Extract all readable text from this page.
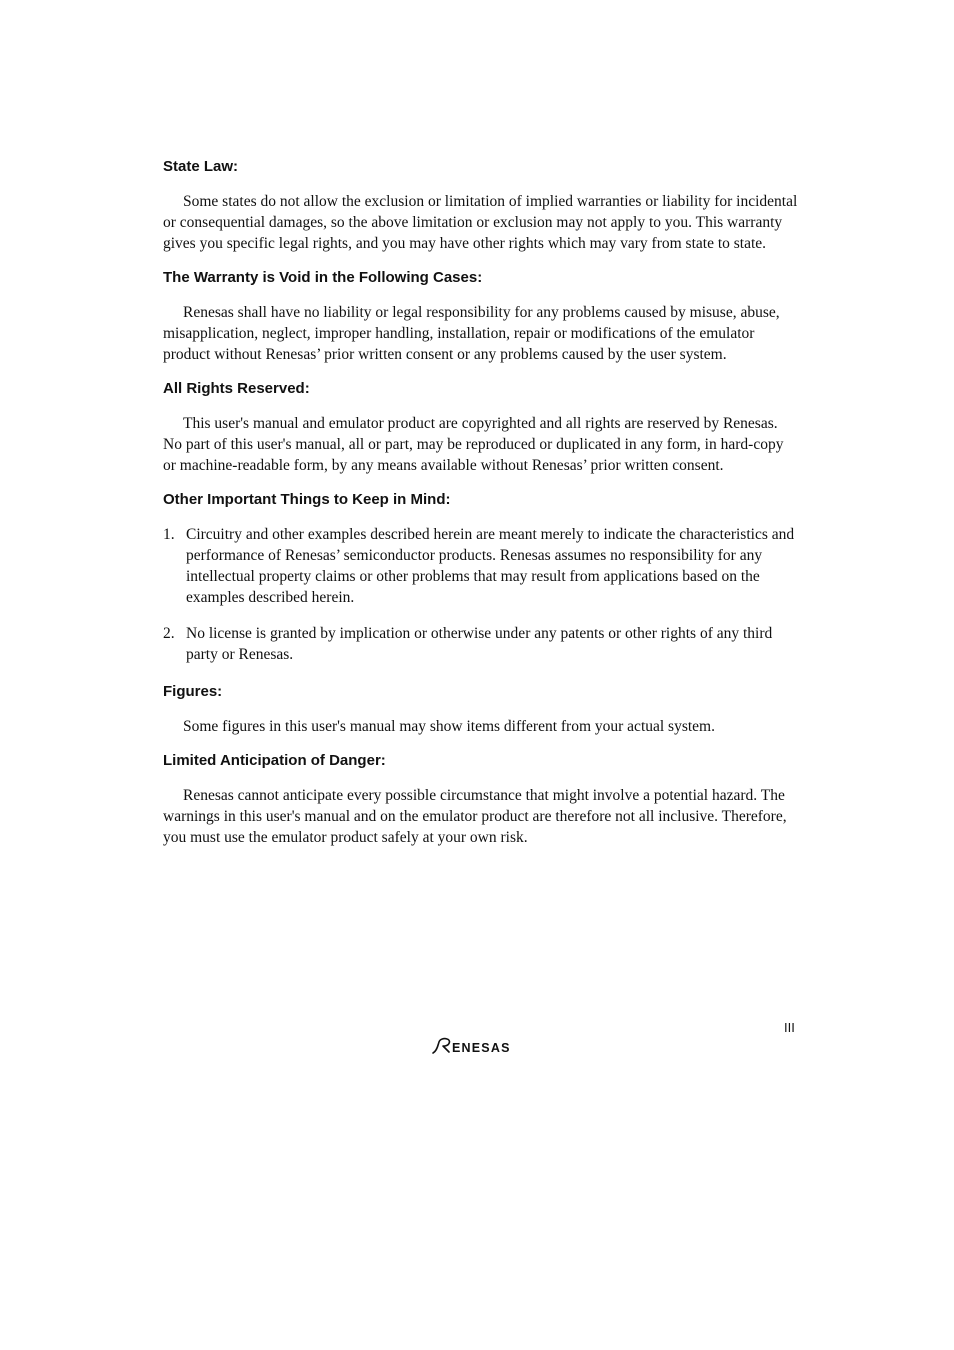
State Law:

Some states do not allow the exclusion or limitation of implied warranties or liability for incidental or consequential damages, so the above limitation or exclusion may not apply to you. This warranty gives you specific legal rights, and you may have other rights which may vary from state to state.

The Warranty is Void in the Following Cases:

Renesas shall have no liability or legal responsibility for any problems caused by misuse, abuse, misapplication, neglect, improper handling, installation, repair or modifications of the emulator product without Renesas’ prior written consent or any problems caused by the user system.

All Rights Reserved:

This user's manual and emulator product are copyrighted and all rights are reserved by Renesas. No part of this user's manual, all or part, may be reproduced or duplicated in any form, in hard-copy or machine-readable form, by any means available without Renesas’ prior written consent.

Other Important Things to Keep in Mind:
1. Circuitry and other examples described herein are meant merely to indicate the characteristics and performance of Renesas’ semiconductor products. Renesas assumes no responsibility for any intellectual property claims or other problems that may result from applications based on the examples described herein.
2. No license is granted by implication or otherwise under any patents or other rights of any third party or Renesas.
Figures:

Some figures in this user's manual may show items different from your actual system.

Limited Anticipation of Danger:

Renesas cannot anticipate every possible circumstance that might involve a potential hazard. The warnings in this user's manual and on the emulator product are therefore not all inclusive. Therefore, you must use the emulator product safely at your own risk.

III
ENESAS
